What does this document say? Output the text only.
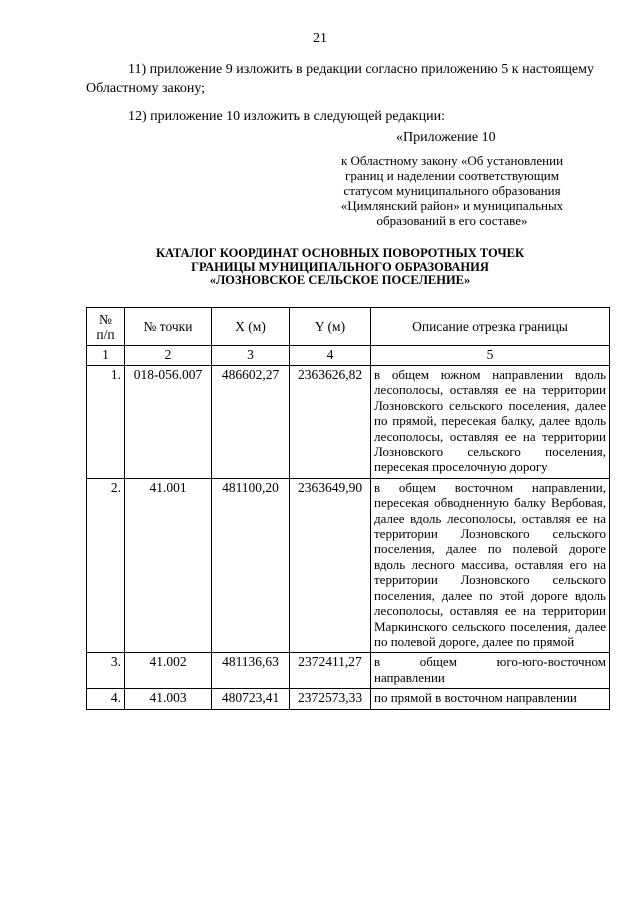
21
11) приложение 9 изложить в редакции согласно приложению 5 к настоящему Областному закону;
12) приложение 10 изложить в следующей редакции:
«Приложение 10
к Областному закону «Об установлении
границ и наделении соответствующим
статусом муниципального образования
«Цимлянский район» и муниципальных
образований в его составе»
КАТАЛОГ КООРДИНАТ ОСНОВНЫХ ПОВОРОТНЫХ ТОЧЕК
ГРАНИЦЫ МУНИЦИПАЛЬНОГО ОБРАЗОВАНИЯ
«ЛОЗНОВСКОЕ СЕЛЬСКОЕ ПОСЕЛЕНИЕ»
№
п/п	№ точки	X (м)	Y (м)	Описание отрезка границы
1	2	3	4	5
1.	018-056.007	486602,27	2363626,82	в общем южном направлении вдоль лесополосы, оставляя ее на территории Лозновского сельского поселения, далее по прямой, пересекая балку, далее вдоль лесополосы, оставляя ее на территории Лозновского сельского поселения, пересекая проселочную дорогу
2.	41.001	481100,20	2363649,90	в общем восточном направлении, пересекая обводненную балку Вербовая, далее вдоль лесополосы, оставляя ее на территории Лозновского сельского поселения, далее по полевой дороге вдоль лесного массива, оставляя его на территории Лозновского сельского поселения, далее по этой дороге вдоль лесополосы, оставляя ее на территории Маркинского сельского поселения, далее по полевой дороге, далее по прямой
3.	41.002	481136,63	2372411,27	в общем юго-юго-восточном направлении
4.	41.003	480723,41	2372573,33	по прямой в восточном направлении
